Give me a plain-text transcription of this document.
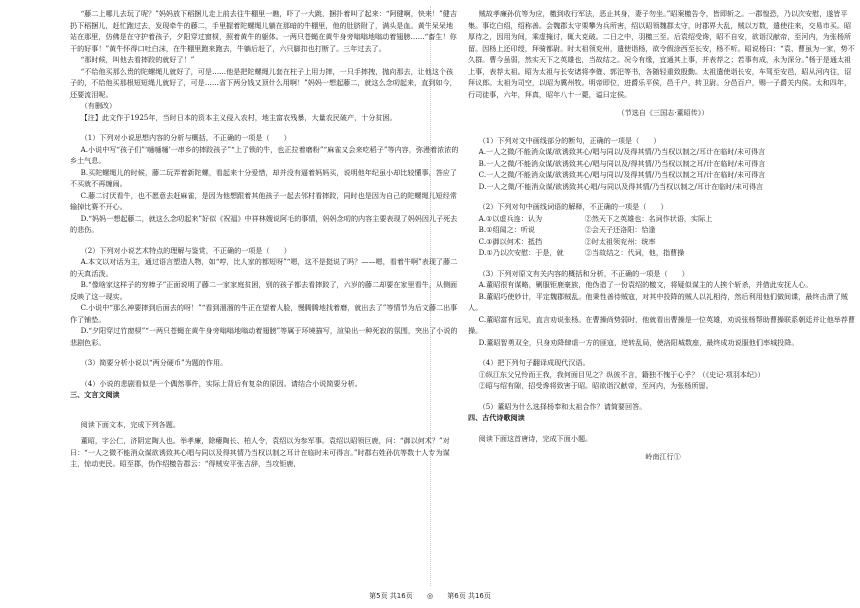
“藤二上哪儿去玩了呢？”妈妈放下稻捆儿走上前去往牛棚里一瞧，吓了一大跳，捆扑着叫了起来：“阿健啊，快来！”健吉扔下稻捆儿，赶忙跑过去，发现牵牛的藤二，手里握着陀螺绳儿躺在那暗的牛棚里，他的肚脐附了，满头是血。黄牛呆呆地站在那里，仿佛是在守护着孩子，夕阳穿过窗棂，照着黄牛的躯体。一两只苍蝇在黄牛身旁嗡嗡地嗡动着翅膀……“畜生！你干的好事！”黄牛怀得口吐白沫，在牛棚里跑来跑去，牛躺后赶了，六只脚扣也打断了。三年过去了。

“那时候，叫他去看摔跤的就好了！”

“不给他买那么贵的陀螺绳儿就好了，可是……他是把陀螺绳儿套在柱子上用力摔，一只手摔拽，抛向那去，让他这个孩子的，不给他买那根短短绳儿就好了，可是……省下两分钱又顶什么用啊！”妈妈一想起藤二，就这么念叨起来，直到如今，还要流泪呢。

（有删改）

【注】此文作于1925年，当时日本的资本主义侵入农村，地主富农残暴，大量农民破产，十分贫困。

（1）下列对小说思想内容的分析与概括，不正确的一项是（　　）

A.小说中写“孩子们”‘嗵嗵嗵’一串乡的摔跤孩子”“上了锁的牛，也正拉着磨粉”“麻雀又会来吃稻子”等内容，弥漫着浓浓的乡土气息。

B.买陀螺绳儿的时候，藤二玩弄着新陀螺，看起来十分爱惜，却并没有逼着妈妈买，说明他年纪虽小却比较懂事，答应了不买就不再缠闹。

C.藤二讨厌看牛，也不愿意去赶麻雀，是因为他想跟着其他孩子一起去邻村看摔跤，同时也是因为自己的陀螺绳儿短经常输掉比赛不开心。

D.“妈妈一想起藤二，就这么念叨起来”好似《祝福》中祥林嫂说阿毛的事情，妈妈念叨的内容主要表现了妈妈因儿子死去的悲伤。

（2）下列对小说艺术特点的理解与鉴赏，不正确的一项是（　　）

A.本文以对话为主，通过语言塑造人物，如“哼，比人家的都短呀”“嗯，这不是挺说了吗？——嗯，看着牛啊”表现了藤二的天真活泼。

B.“像啥家这样子的穷棒子”正面说明了藤二一家家庭贫困，别的孩子都去看摔跤了，六岁的藤二却要在家里看牛，从侧面反映了这一现实。

C.小说中“那么神要摔到后面去的呀！”“看到溜溜的牛正在望着人脸，慢腾腾地找着磨，就出去了”等情节为后文藤二出事作了铺垫。

D.“夕阳穿过竹窗棂”“一两只苍蝇在黄牛身旁嗡嗡地嗡动着翅膀”等属于环境描写，渲染出一种死寂的氛围，突出了小说的悲剧色彩。

（3）简要分析小说以“两分硬币”为题的作用。

（4）小说的悲剧看似是一个偶然事件，实际上背后有复杂的原因。请结合小说简要分析。

三、文言文阅读

阅读下面文本，完成下列各题。

董昭，字公仁，济阴定陶人也。举孝廉，除瘿陶长、柏人令，袁绍以为参军事。袁绍以昭领巨鹿，问：“御以何术？”对曰：“一人之微不能消众谋欲诱致其心唱与同以及得其情乃当权以制之耳计在临时未可得言。”时郡右姓孙伉等数十人专为谋主，惊动吏民。昭至郡，伪作绍檄告郡云：“得贼安平张吉辞，当攻钜鹿，

贼故孝廉孙伉等为应，檄到收行军法，恶止其身，妻子勿坐。”昭案檄告令，皆即斩之。一郡惶恐，乃以次安慰，遂皆平集。事讫白绍，绍称善。会魏郡太守栗攀为兵所害，绍以昭领魏郡太守，时郡界大乱，贼以万数，遣使往来，交易市买。昭厚待之，因用为间，乘虚掩讨，辄大克破。二日之中，羽檄三至。后袁绍受谗，昭不自安，欲诣汉献帝，至河内，为张杨所留。因杨上还印绶，拜骑都尉。时太祖领兖州，遣使诣杨，欲令假涂西至长安，杨不听。昭说杨曰：“袁、曹虽为一家，势不久群。曹今虽弱，然实天下之英雄也，当故结之。况今有缘，宜通其上事，并表荐之；若事有成，永为深分。”杨于是通太祖上事，表荐太祖。昭为太祖与长安诸将李傕、郭汜等书，各随轻重致殷勤。太祖遣使诣长安，车驾至安邑，昭从河内往，诏拜议郎。太祖为司空，以昭为冀州牧。明帝即位，进爵乐平侯，邑千户，转卫尉。分邑百户，赐一子爵关内侯。太和四年，行司徒事，六年，拜真，昭年八十一薨，谥曰定侯。

（节选自《三国志·董昭传》）

（1）下列对文中画线部分的断句，正确的一项是（　　）

A.一人之微/不能消众谋/欲诱致其心/唱与同以/及得其情/乃当权以制之/耳计在临时/未可得言

B.一人之微/不能消众谋/欲诱致其心/唱与同以及/得其情/乃当权以制之耳/计在临时/未可得言

C.一人之微/不能消众谋/欲诱致其心/唱与同以/及得其情/乃当权以制之耳/计在临时/未可得言

D.一人之微/不能消众谋/欲诱致其心唱/与同以及得其情/乃当权以制之/耳计在临时/未可得言

（2）下列对句中画线词语的解释，不正确的一项是（　　）

A.①以虚兵连：认为　　　　　　②然天下之英雄也：名词作状语，实际上

B.①绍闻之：听说　　　　　　　②会天子还洛阳：恰逢

C.①御以何术：抵挡　　　　　　②时太祖领兖州：统率

D.①乃以次安慰：于是，就　　　②当故结之：代词，他，指曹操

（3）下列对原文有关内容的概括和分析，不正确的一项是（　　）

A.董昭很有谋略，剿服钜鹿豪族，他伪造了一份袁绍的檄文，将疑似谋主的人挨个斩杀，并借此安抚人心。

B.董昭巧使妙计，平定魏郡贼乱。他秉性善待贼寇，对其中投降的贼人以礼相待，然后利用他们做间谍，最终击溃了贼人。

C.董昭富有远见，直言劝说张杨。在曹操尚势弱时，他就看出曹操是一位英雄，劝说张杨帮助曹操联系朝廷并让他举荐曹操。

D.董昭智勇双全，只身劝降肆虐一方的匪寇，逆转乱局，使洛阳城数座，最终成功说服他们率城投降。

（4）把下列句子翻译成现代汉语。

①纵江东父兄怜而王我，我何面目见之？纵彼不言，籍独不愧于心乎？（《史记·项羽本纪》）

②昭与绍有隙，招受谗将致害于昭。昭欲诣汉献帝，至河内，为张杨所留。

（5）董昭为什么选择杨奉和太祖合作？请简要回答。

四、古代诗歌阅读

阅读下面这首唐诗，完成下面小题。

岭南江行①

第5页 共16页 ◎ 第6页 共16页
